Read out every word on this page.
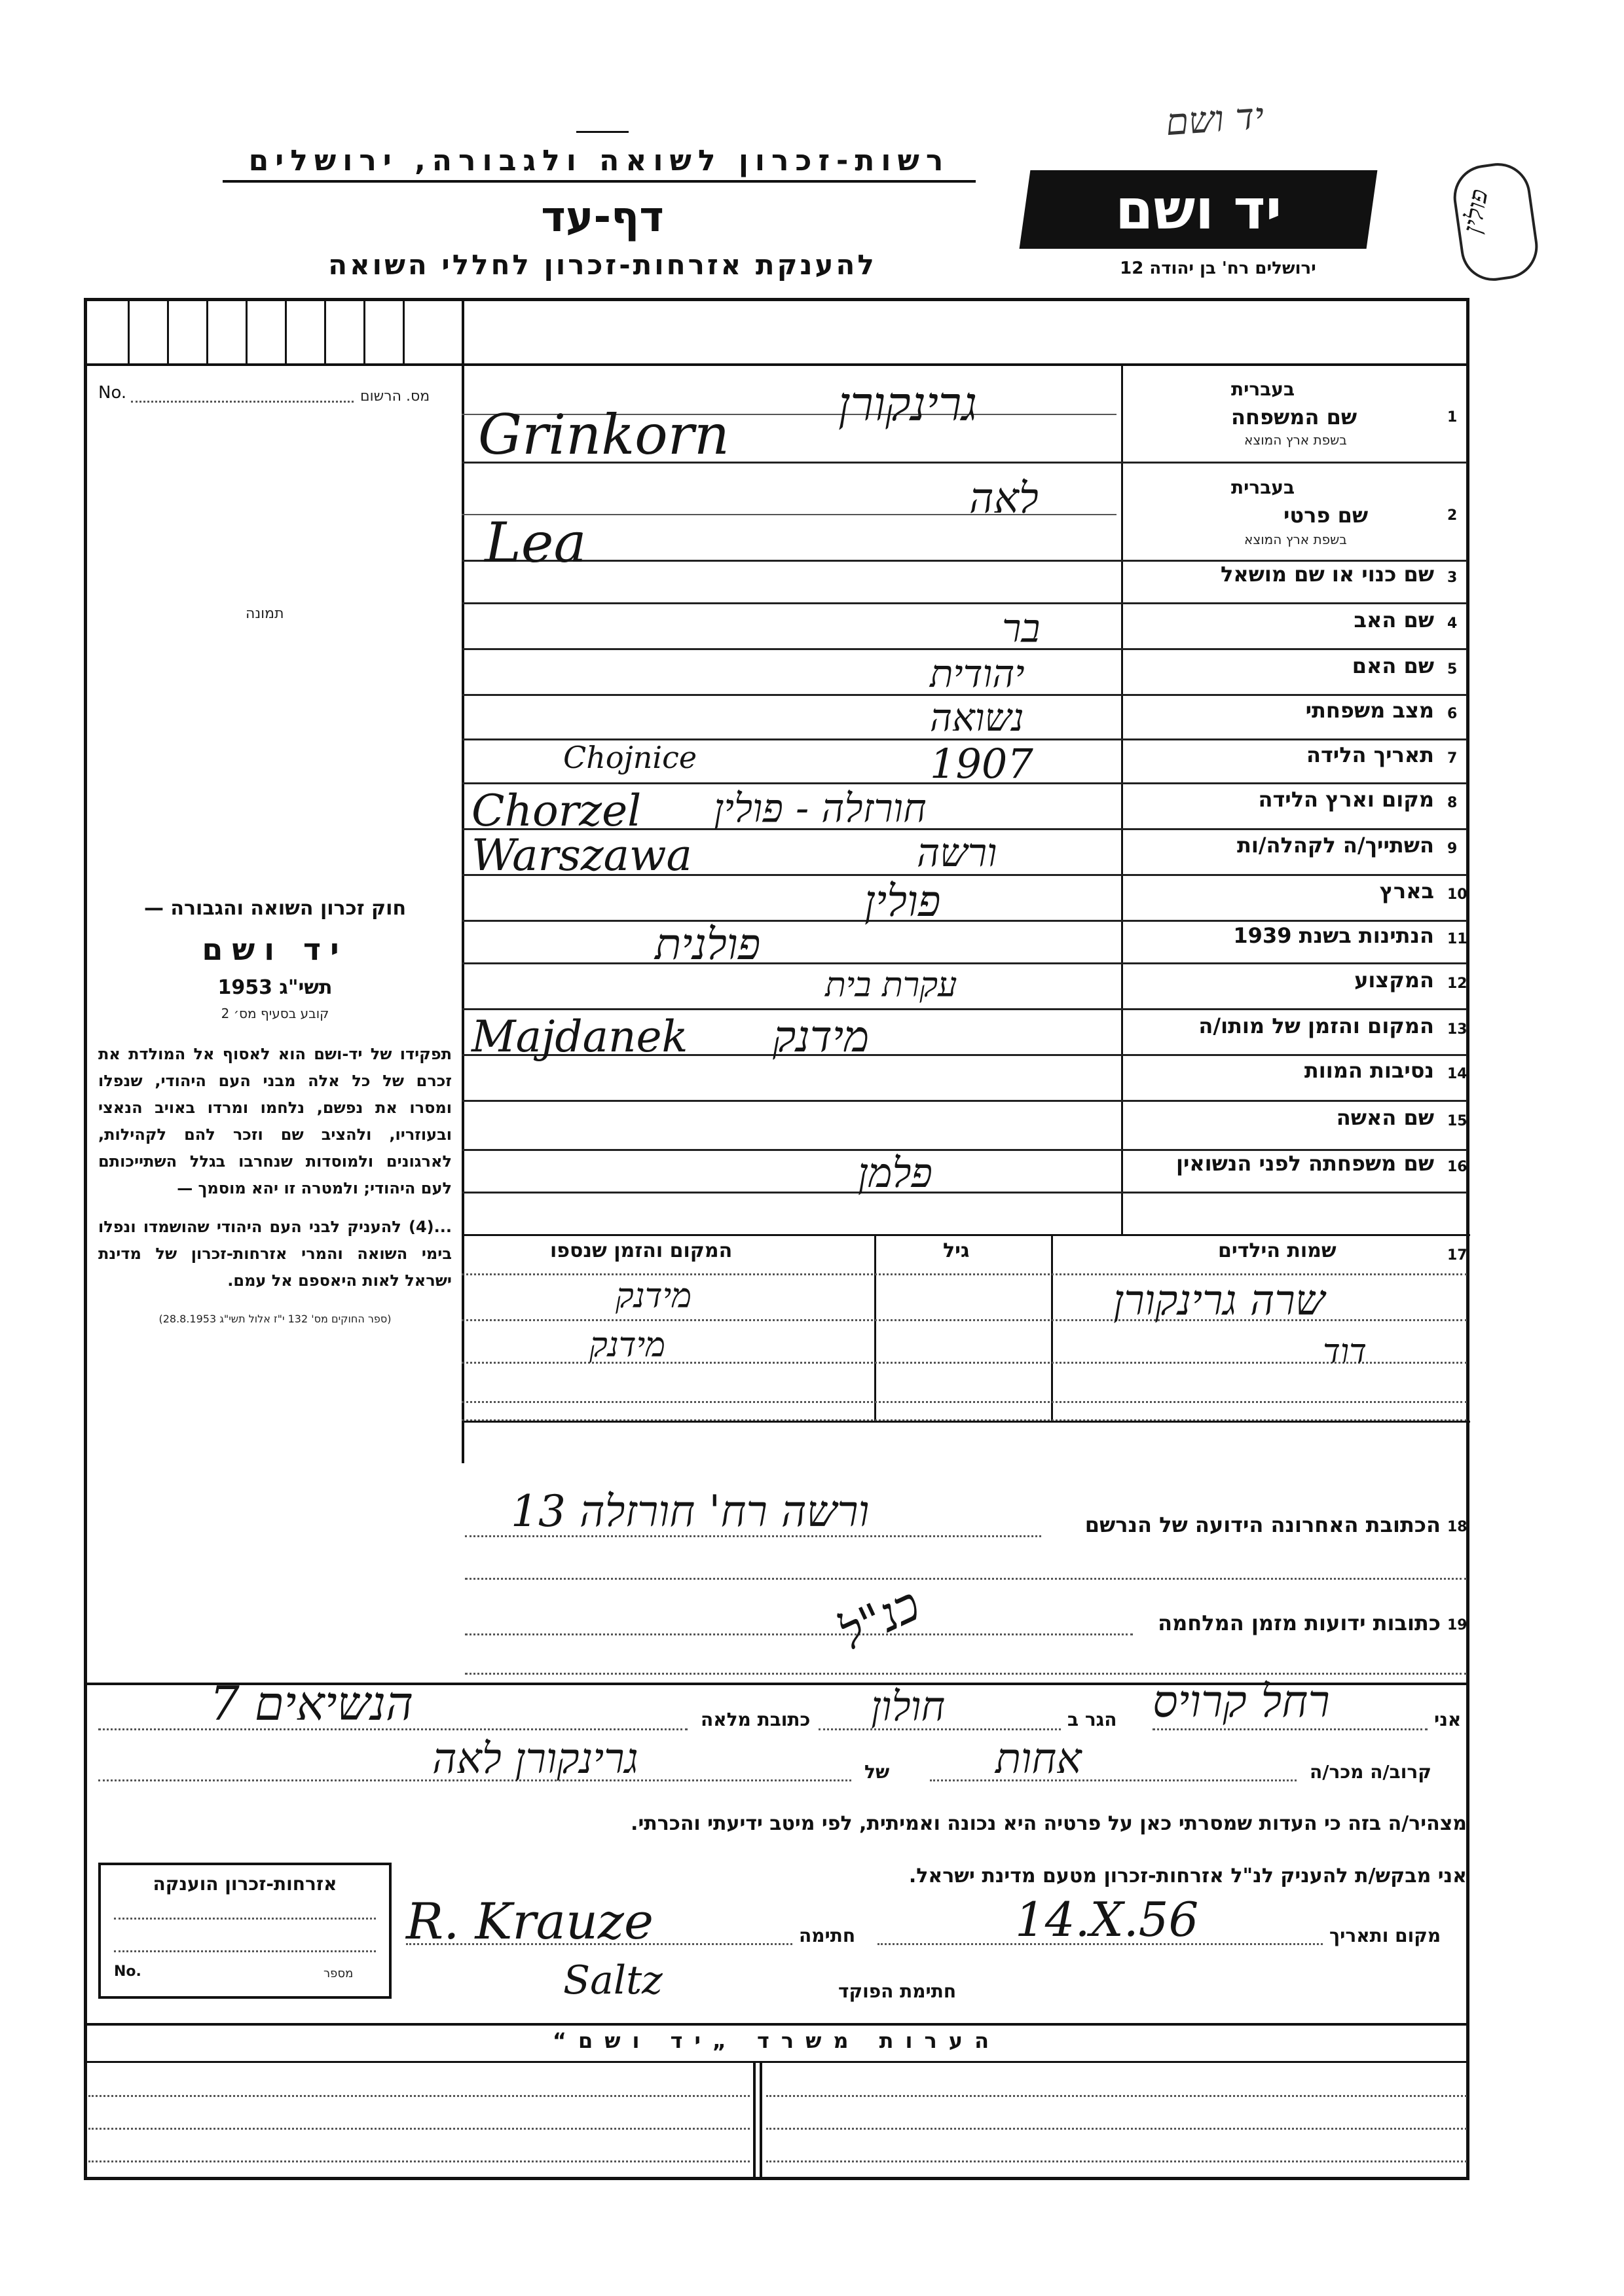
יד ושם
פולין
יד ושם
ירושלים רח' בן יהודה 12
רשות-זכרון לשואה ולגבורה, ירושלים
דף-עד
להענקת אזרחות-זכרון לחללי השואה
No.	מס. הרשום
תמונה
1
בעברית
שם המשפחה
בשפת ארץ המוצא
גרינקורן
Grinkorn
2
בעברית
שם פרטי
בשפת ארץ המוצא
לאה
Lea
3
שם כנוי או שם מושאל
4
שם האב
בר
5
שם האם
יהודית
6
מצב משפחתי
נשואה
7
תאריך הלידה
1907
Chojnice
8
מקום וארץ הלידה
חורזלה - פולין
Chorzel
9
השתייך/ה לקהלה/ות
ורשה
Warszawa
10
בארץ
פולין
11
הנתינות בשנת 1939
פולנית
12
המקצוע
עקרת בית
13
המקום והזמן של מותו/ה
מידנק
Majdanek
14
נסיבות המוות
15
שם האשה
16
שם משפחתה לפני הנשואין
פלמן
17
שמות הילדים
גיל
המקום והזמן שנספו
שרה גרינקורן
מידנק
דוד
מידנק
18
הכתובת האחרונה הידועה של הנרשם
ורשה רח' חורזלה 13
19
כתובות ידועות מזמן המלחמה
כנ"ל
חוק זכרון השואה והגבורה —
יד ושם
תשי"ג 1953
קובע בסעיף מס׳ 2
תפקידו של יד-ושם הוא לאסוף אל המולדת את זכרם של כל אלה מבני העם היהודי, שנפלו ומסרו את נפשם, נלחמו ומרדו באויב הנאצי ובעוזריו, ולהציב שם וזכר להם לקהילות, לארגונים ולמוסדות שנחרבו בגלל השתייכותם לעם היהודי; ולמטרה זו יהא מוסמך —
...(4) להעניק לבני העם היהודי שהושמדו ונפלו בימי השואה והמרי אזרחות-זכרון של מדינת ישראל לאות היאספם אל עמם.
(ספר החוקים מס' 132 י"ז אלול תשי"ג 28.8.1953)
אני
רחל קרויס
הגר ב
חולון
כתובת מלאה
הנשיאים 7
קרוב/ה מכר/ה
אחות
של
גרינקורן לאה
מצהיר/ה בזה כי העדות שמסרתי כאן על פרטיה היא נכונה ואמיתית, לפי מיטב ידיעתי והכרתי.
אני מבקש/ת להעניק לנ"ל אזרחות-זכרון מטעם מדינת ישראל.
מקום ותאריך
14.X.56
חתימה
R. Krauze
חתימת הפוקד
Saltz
אזרחות-זכרון הוענקה
No.	מספר
הערות משרד „יד ושם“
